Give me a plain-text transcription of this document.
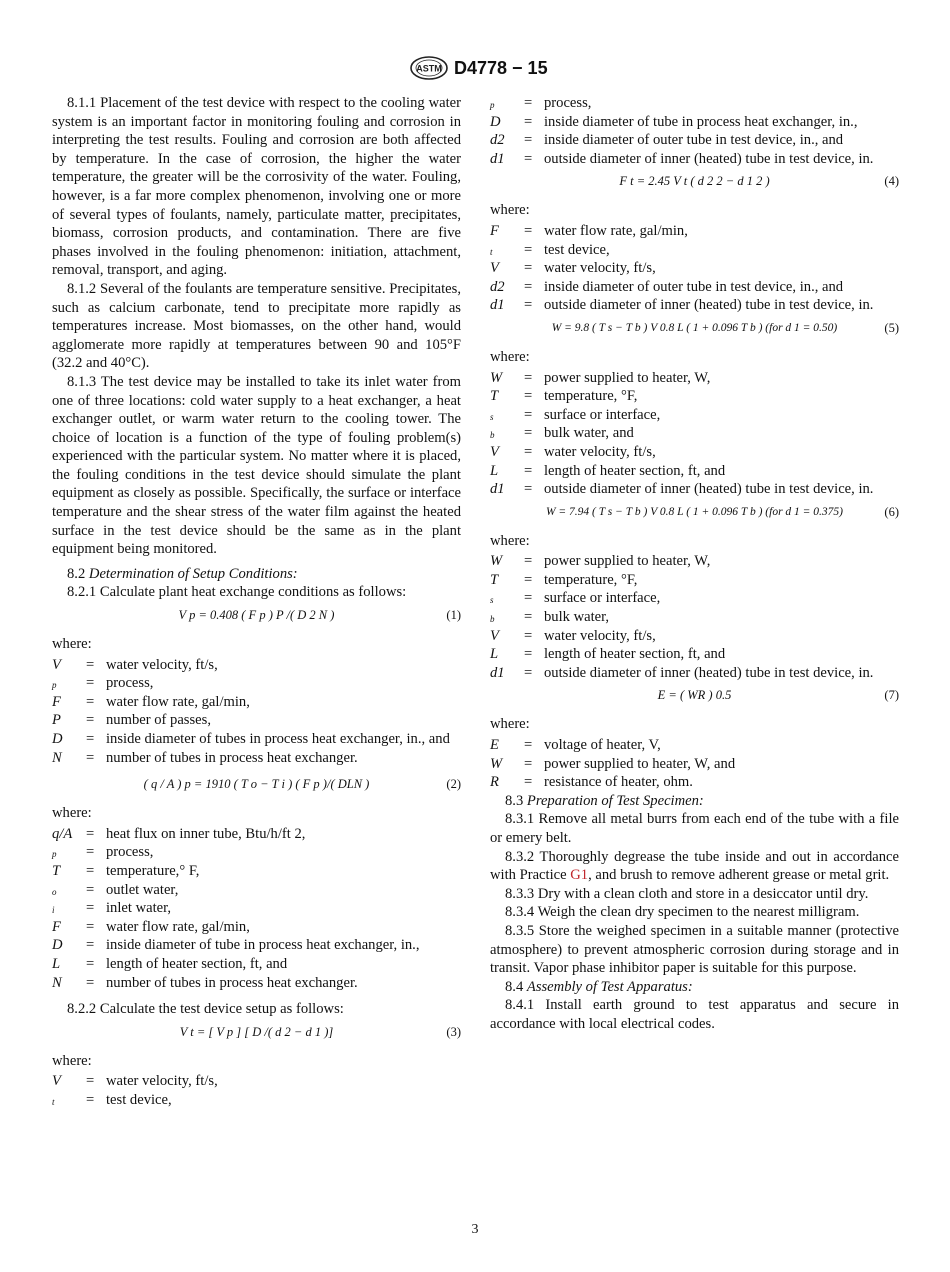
ASTM D4778 − 15

8.1.1 Placement of the test device with respect to the cooling water system is an important factor in monitoring fouling and corrosion in interpreting the test results. Fouling and corrosion are both affected by temperature. In the case of corrosion, the higher the water temperature, the greater will be the corrosivity of the water. Fouling, however, is a far more complex phenomenon, involving one or more of several types of foulants, namely, particulate matter, precipitates, biomass, corrosion products, and contamination. There are five phases involved in the fouling phenomenon: initiation, attachment, removal, transport, and aging.

8.1.2 Several of the foulants are temperature sensitive. Precipitates, such as calcium carbonate, tend to precipitate more rapidly as temperatures increase. Most biomasses, on the other hand, would agglomerate more rapidly at temperatures between 90 and 105°F (32.2 and 40°C).

8.1.3 The test device may be installed to take its inlet water from one of three locations: cold water supply to a heat exchanger, a heat exchanger outlet, or warm water return to the cooling tower. The choice of location is a function of the type of fouling problem(s) experienced with the particular system. No matter where it is placed, the fouling conditions in the test device should simulate the plant equipment as closely as possible. Specifically, the surface or interface temperature and the shear stress of the water film against the heated surface in the test device should be the same as in the plant equipment being monitored.

8.2 Determination of Setup Conditions:

8.2.1 Calculate plant heat exchange conditions as follows:

V p = 0.408 ( F p ) P /( D 2 N )	(1)
where:
V	= water velocity, ft/s,
p	= process,
F	= water flow rate, gal/min,
P	= number of passes,
D	= inside diameter of tubes in process heat exchanger, in., and
N	= number of tubes in process heat exchanger.
( q / A ) p = 1910 ( T o − T i ) ( F p )/( DLN )	(2)
where:
q/A = heat flux on inner tube, Btu/h/ft 2,
p	= process,
T	= temperature,° F,
o	= outlet water,
i	= inlet water,
F	= water flow rate, gal/min,
D	= inside diameter of tube in process heat exchanger, in.,
L	= length of heater section, ft, and
N	= number of tubes in process heat exchanger.

8.2.2 Calculate the test device setup as follows:

V t = [ V p ] [ D /( d 2 − d 1 )]	(3)
where:
V	= water velocity, ft/s,
t	= test device,
p	= process,
D	= inside diameter of tube in process heat exchanger, in.,
d2	= inside diameter of outer tube in test device, in., and
d1	= outside diameter of inner (heated) tube in test device, in.
F t = 2.45 V t ( d 2 2 − d 1 2 )	(4)
where:
F	= water flow rate, gal/min,
t	= test device,
V	= water velocity, ft/s,
d2	= inside diameter of outer tube in test device, in., and
d1	= outside diameter of inner (heated) tube in test device, in.
W = 9.8 ( T s − T b ) V 0.8 L ( 1 + 0.096 T b ) (for d 1 = 0.50)	(5)
where:
W	= power supplied to heater, W,
T	= temperature, °F,
s	= surface or interface,
b	= bulk water, and
V	= water velocity, ft/s,
L	= length of heater section, ft, and
d1	= outside diameter of inner (heated) tube in test device, in.
W = 7.94 ( T s − T b ) V 0.8 L ( 1 + 0.096 T b ) (for d 1 = 0.375)	(6)
where:
W	= power supplied to heater, W,
T	= temperature, °F,
s	= surface or interface,
b	= bulk water,
V	= water velocity, ft/s,
L	= length of heater section, ft, and
d1	= outside diameter of inner (heated) tube in test device, in.
E = ( WR ) 0.5	(7)
where:
E	= voltage of heater, V,
W	= power supplied to heater, W, and
R	= resistance of heater, ohm.

8.3 Preparation of Test Specimen:

8.3.1 Remove all metal burrs from each end of the tube with a file or emery belt.

8.3.2 Thoroughly degrease the tube inside and out in accordance with Practice G1, and brush to remove adherent grease or metal grit.

8.3.3 Dry with a clean cloth and store in a desiccator until dry.

8.3.4 Weigh the clean dry specimen to the nearest milligram.

8.3.5 Store the weighed specimen in a suitable manner (protective atmosphere) to prevent atmospheric corrosion during storage and in transit. Vapor phase inhibitor paper is suitable for this purpose.

8.4 Assembly of Test Apparatus:

8.4.1 Install earth ground to test apparatus and secure in accordance with local electrical codes.

3
